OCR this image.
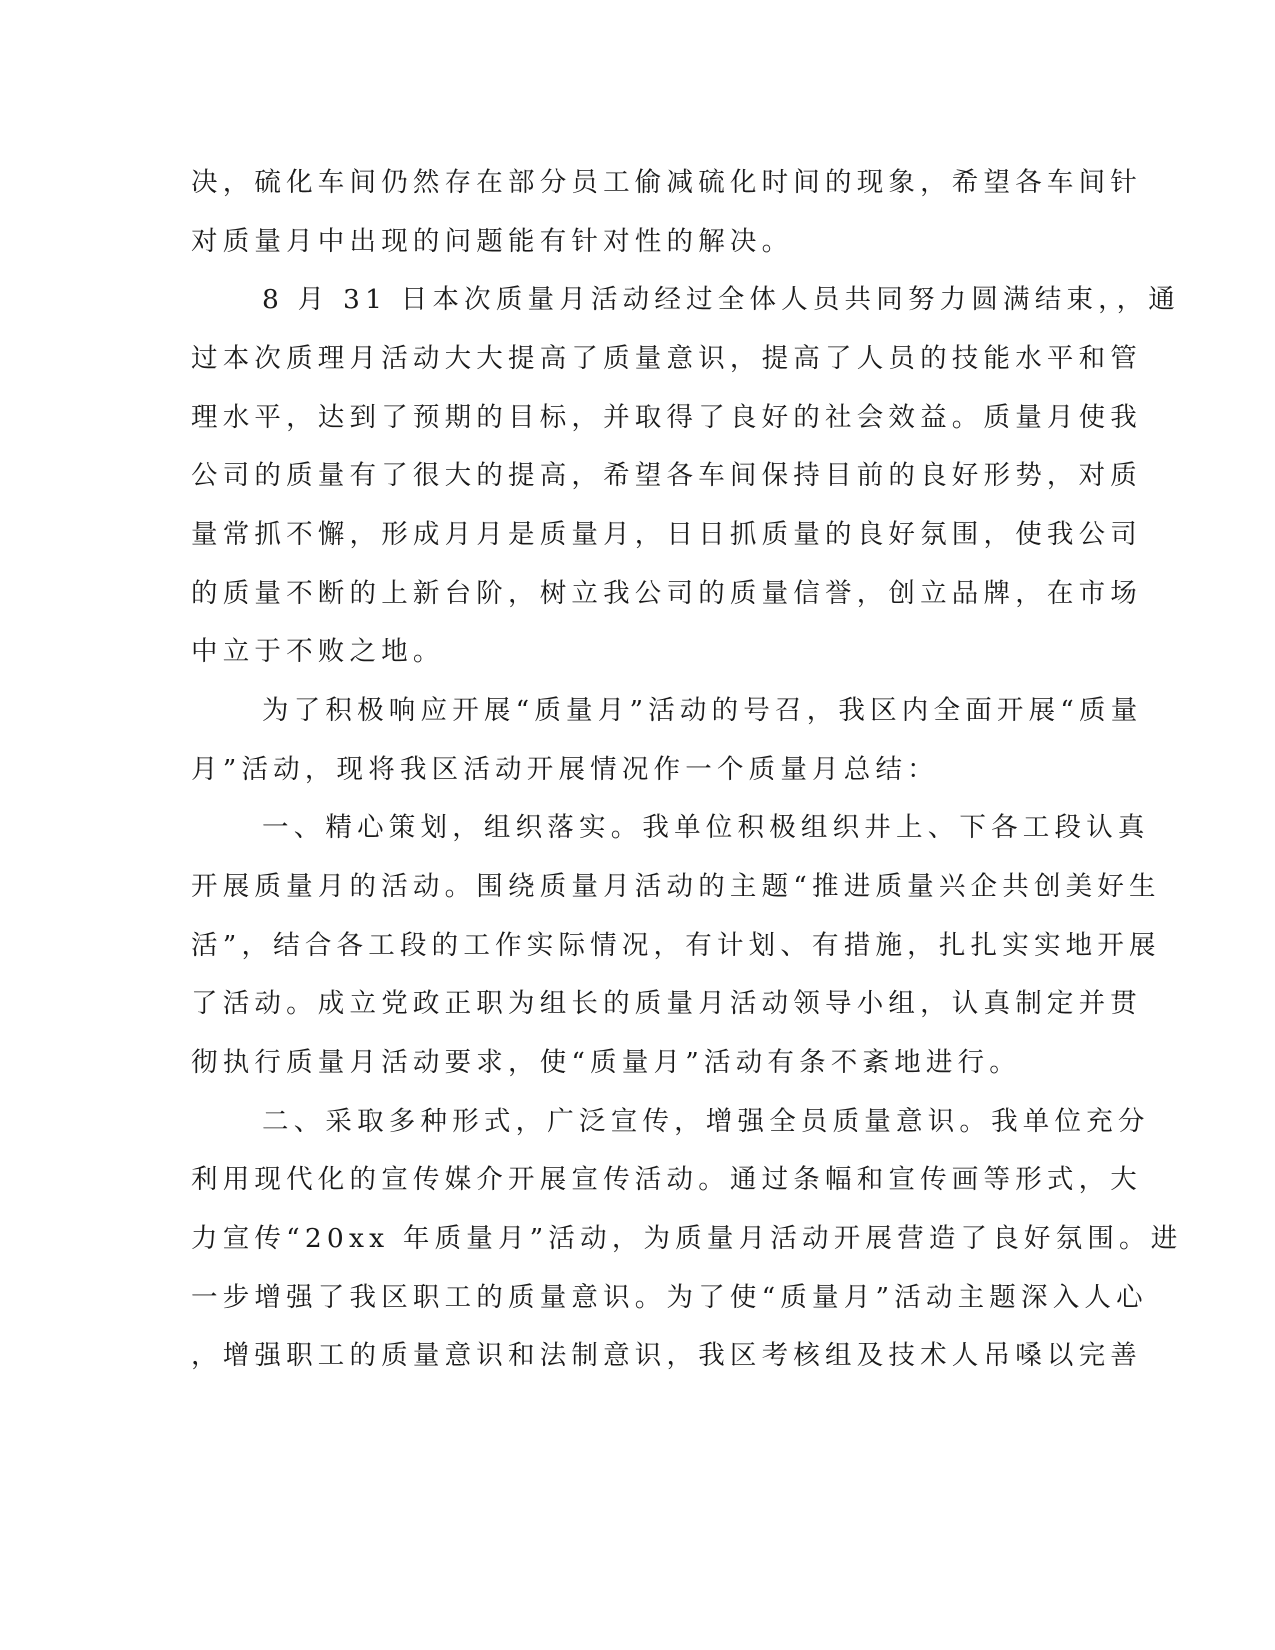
决，硫化车间仍然存在部分员工偷减硫化时间的现象，希望各车间针
对质量月中出现的问题能有针对性的解决。
8 月 31 日本次质量月活动经过全体人员共同努力圆满结束，，通
过本次质理月活动大大提高了质量意识，提高了人员的技能水平和管
理水平，达到了预期的目标，并取得了良好的社会效益。质量月使我
公司的质量有了很大的提高，希望各车间保持目前的良好形势，对质
量常抓不懈，形成月月是质量月，日日抓质量的良好氛围，使我公司
的质量不断的上新台阶，树立我公司的质量信誉，创立品牌，在市场
中立于不败之地。
为了积极响应开展“质量月”活动的号召，我区内全面开展“质量
月”活动，现将我区活动开展情况作一个质量月总结：
一、精心策划，组织落实。我单位积极组织井上、下各工段认真
开展质量月的活动。围绕质量月活动的主题“推进质量兴企共创美好生
活”，结合各工段的工作实际情况，有计划、有措施，扎扎实实地开展
了活动。成立党政正职为组长的质量月活动领导小组，认真制定并贯
彻执行质量月活动要求，使“质量月”活动有条不紊地进行。
二、采取多种形式，广泛宣传，增强全员质量意识。我单位充分
利用现代化的宣传媒介开展宣传活动。通过条幅和宣传画等形式，大
力宣传“20xx 年质量月”活动，为质量月活动开展营造了良好氛围。进
一步增强了我区职工的质量意识。为了使“质量月”活动主题深入人心
，增强职工的质量意识和法制意识，我区考核组及技术人吊嗓以完善
